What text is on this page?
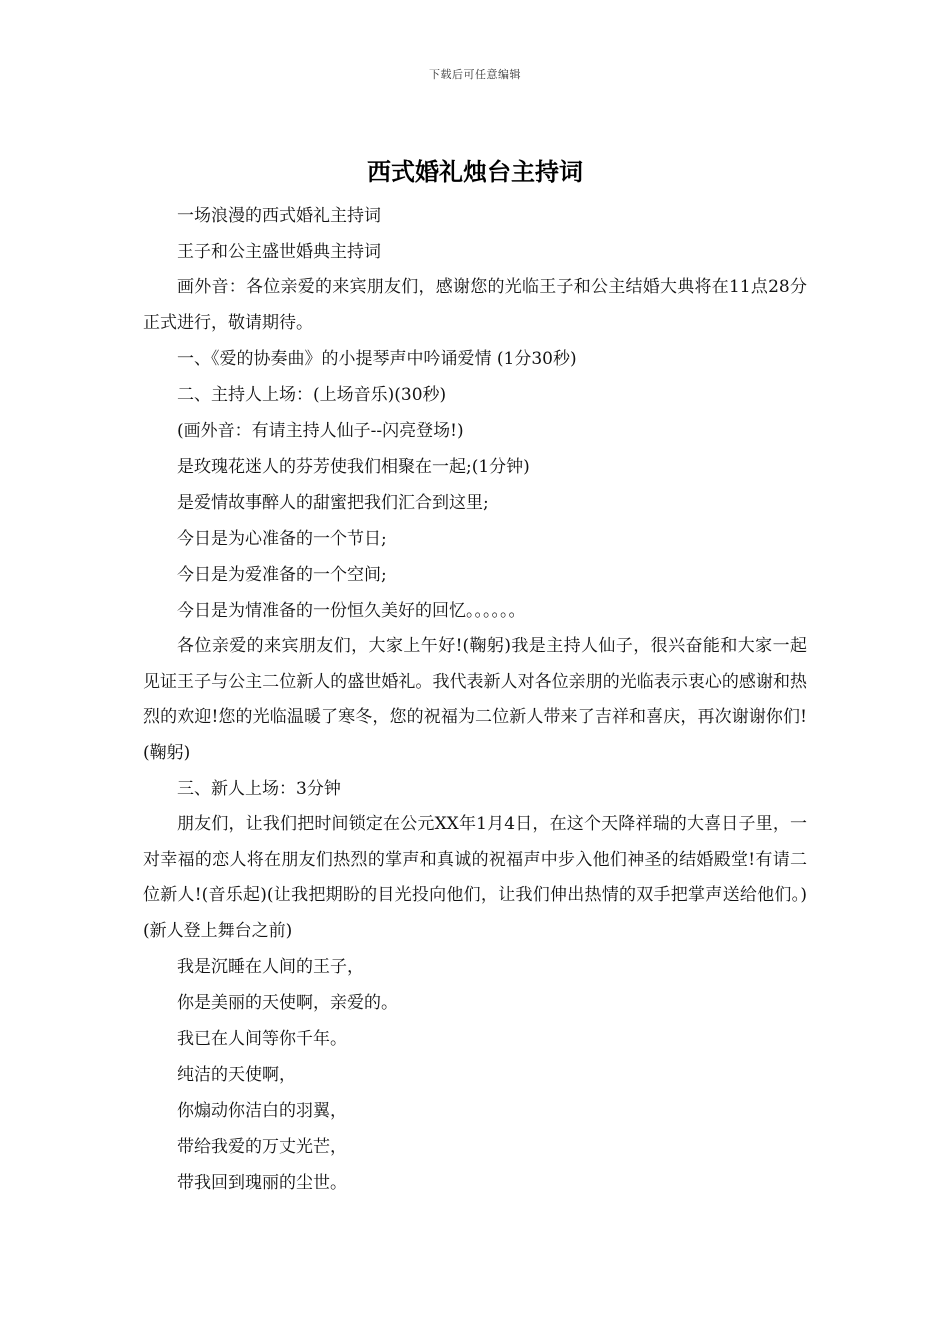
下载后可任意编辑
西式婚礼烛台主持词

一场浪漫的西式婚礼主持词

王子和公主盛世婚典主持词

画外音：各位亲爱的来宾朋友们，感谢您的光临王子和公主结婚大典将在11点28分正式进行，敬请期待。

一、《爱的协奏曲》的小提琴声中吟诵爱情 (1分30秒)

二、主持人上场：(上场音乐)(30秒)

(画外音：有请主持人仙子--闪亮登场!)

是玫瑰花迷人的芬芳使我们相聚在一起;(1分钟)

是爱情故事醉人的甜蜜把我们汇合到这里;

今日是为心准备的一个节日;

今日是为爱准备的一个空间;

今日是为情准备的一份恒久美好的回忆。。。。。。

各位亲爱的来宾朋友们，大家上午好!(鞠躬)我是主持人仙子，很兴奋能和大家一起见证王子与公主二位新人的盛世婚礼。我代表新人对各位亲朋的光临表示衷心的感谢和热烈的欢迎!您的光临温暖了寒冬，您的祝福为二位新人带来了吉祥和喜庆，再次谢谢你们!(鞠躬)

三、新人上场：3分钟

朋友们，让我们把时间锁定在公元XX年1月4日，在这个天降祥瑞的大喜日子里，一对幸福的恋人将在朋友们热烈的掌声和真诚的祝福声中步入他们神圣的结婚殿堂!有请二位新人!(音乐起)(让我把期盼的目光投向他们，让我们伸出热情的双手把掌声送给他们。)(新人登上舞台之前)

我是沉睡在人间的王子，

你是美丽的天使啊，亲爱的。

我已在人间等你千年。

纯洁的天使啊，

你煽动你洁白的羽翼，

带给我爱的万丈光芒，

带我回到瑰丽的尘世。
